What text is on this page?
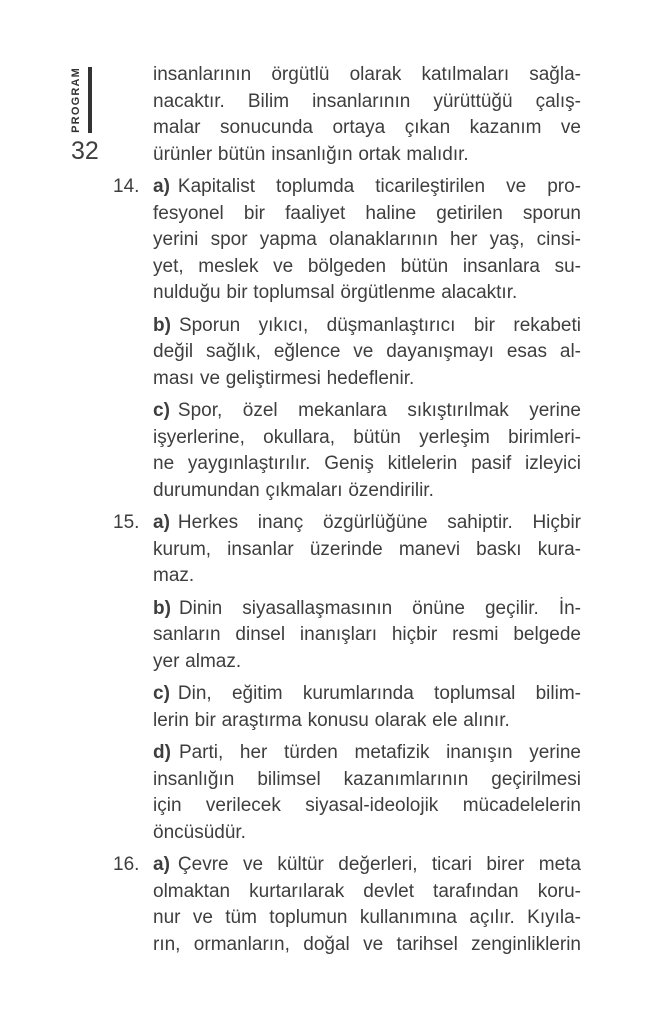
PROGRAM
32
insanlarının örgütlü olarak katılmaları sağla-
nacaktır. Bilim insanlarının yürüttüğü çalış-
malar sonucunda ortaya çıkan kazanım ve
ürünler bütün insanlığın ortak malıdır.
14. a) Kapitalist toplumda ticarileştirilen ve pro-
fesyonel bir faaliyet haline getirilen sporun
yerini spor yapma olanaklarının her yaş, cinsi-
yet, meslek ve bölgeden bütün insanlara su-
nulduğu bir toplumsal örgütlenme alacaktır.
b) Sporun yıkıcı, düşmanlaştırıcı bir rekabeti
değil sağlık, eğlence ve dayanışmayı esas al-
ması ve geliştirmesi hedeflenir.
c) Spor, özel mekanlara sıkıştırılmak yerine
işyerlerine, okullara, bütün yerleşim birimleri-
ne yaygınlaştırılır. Geniş kitlelerin pasif izleyici
durumundan çıkmaları özendirilir.
15. a) Herkes inanç özgürlüğüne sahiptir. Hiçbir
kurum, insanlar üzerinde manevi baskı kura-
maz.
b) Dinin siyasallaşmasının önüne geçilir. İn-
sanların dinsel inanışları hiçbir resmi belgede
yer almaz.
c) Din, eğitim kurumlarında toplumsal bilim-
lerin bir araştırma konusu olarak ele alınır.
d) Parti, her türden metafizik inanışın yerine
insanlığın bilimsel kazanımlarının geçirilmesi
için verilecek siyasal-ideolojik mücadelelerin
öncüsüdür.
16. a) Çevre ve kültür değerleri, ticari birer meta
olmaktan kurtarılarak devlet tarafından koru-
nur ve tüm toplumun kullanımına açılır. Kıyıla-
rın, ormanların, doğal ve tarihsel zenginliklerin
